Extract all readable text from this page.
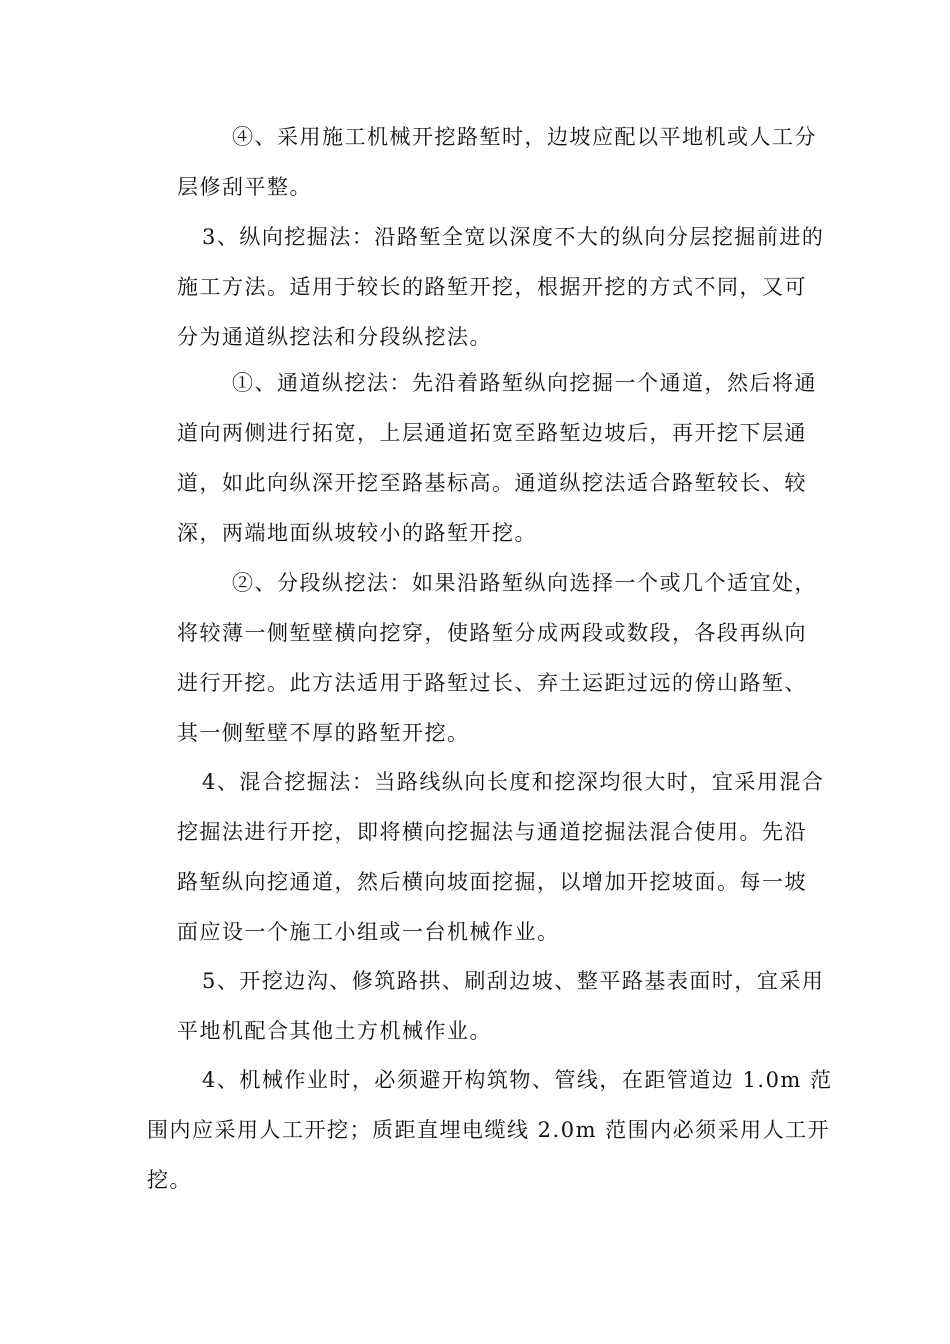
④、采用施工机械开挖路堑时，边坡应配以平地机或人工分
层修刮平整。
3、纵向挖掘法：沿路堑全宽以深度不大的纵向分层挖掘前进的
施工方法。适用于较长的路堑开挖，根据开挖的方式不同，又可
分为通道纵挖法和分段纵挖法。
①、通道纵挖法：先沿着路堑纵向挖掘一个通道，然后将通
道向两侧进行拓宽，上层通道拓宽至路堑边坡后，再开挖下层通
道，如此向纵深开挖至路基标高。通道纵挖法适合路堑较长、较
深，两端地面纵坡较小的路堑开挖。
②、分段纵挖法：如果沿路堑纵向选择一个或几个适宜处，
将较薄一侧堑壁横向挖穿，使路堑分成两段或数段，各段再纵向
进行开挖。此方法适用于路堑过长、弃土运距过远的傍山路堑、
其一侧堑壁不厚的路堑开挖。
4、混合挖掘法：当路线纵向长度和挖深均很大时，宜采用混合
挖掘法进行开挖，即将横向挖掘法与通道挖掘法混合使用。先沿
路堑纵向挖通道，然后横向坡面挖掘，以增加开挖坡面。每一坡
面应设一个施工小组或一台机械作业。
5、开挖边沟、修筑路拱、刷刮边坡、整平路基表面时，宜采用
平地机配合其他土方机械作业。
4、机械作业时，必须避开构筑物、管线，在距管道边 1.0m 范
围内应采用人工开挖；质距直埋电缆线 2.0m 范围内必须采用人工开
挖。
